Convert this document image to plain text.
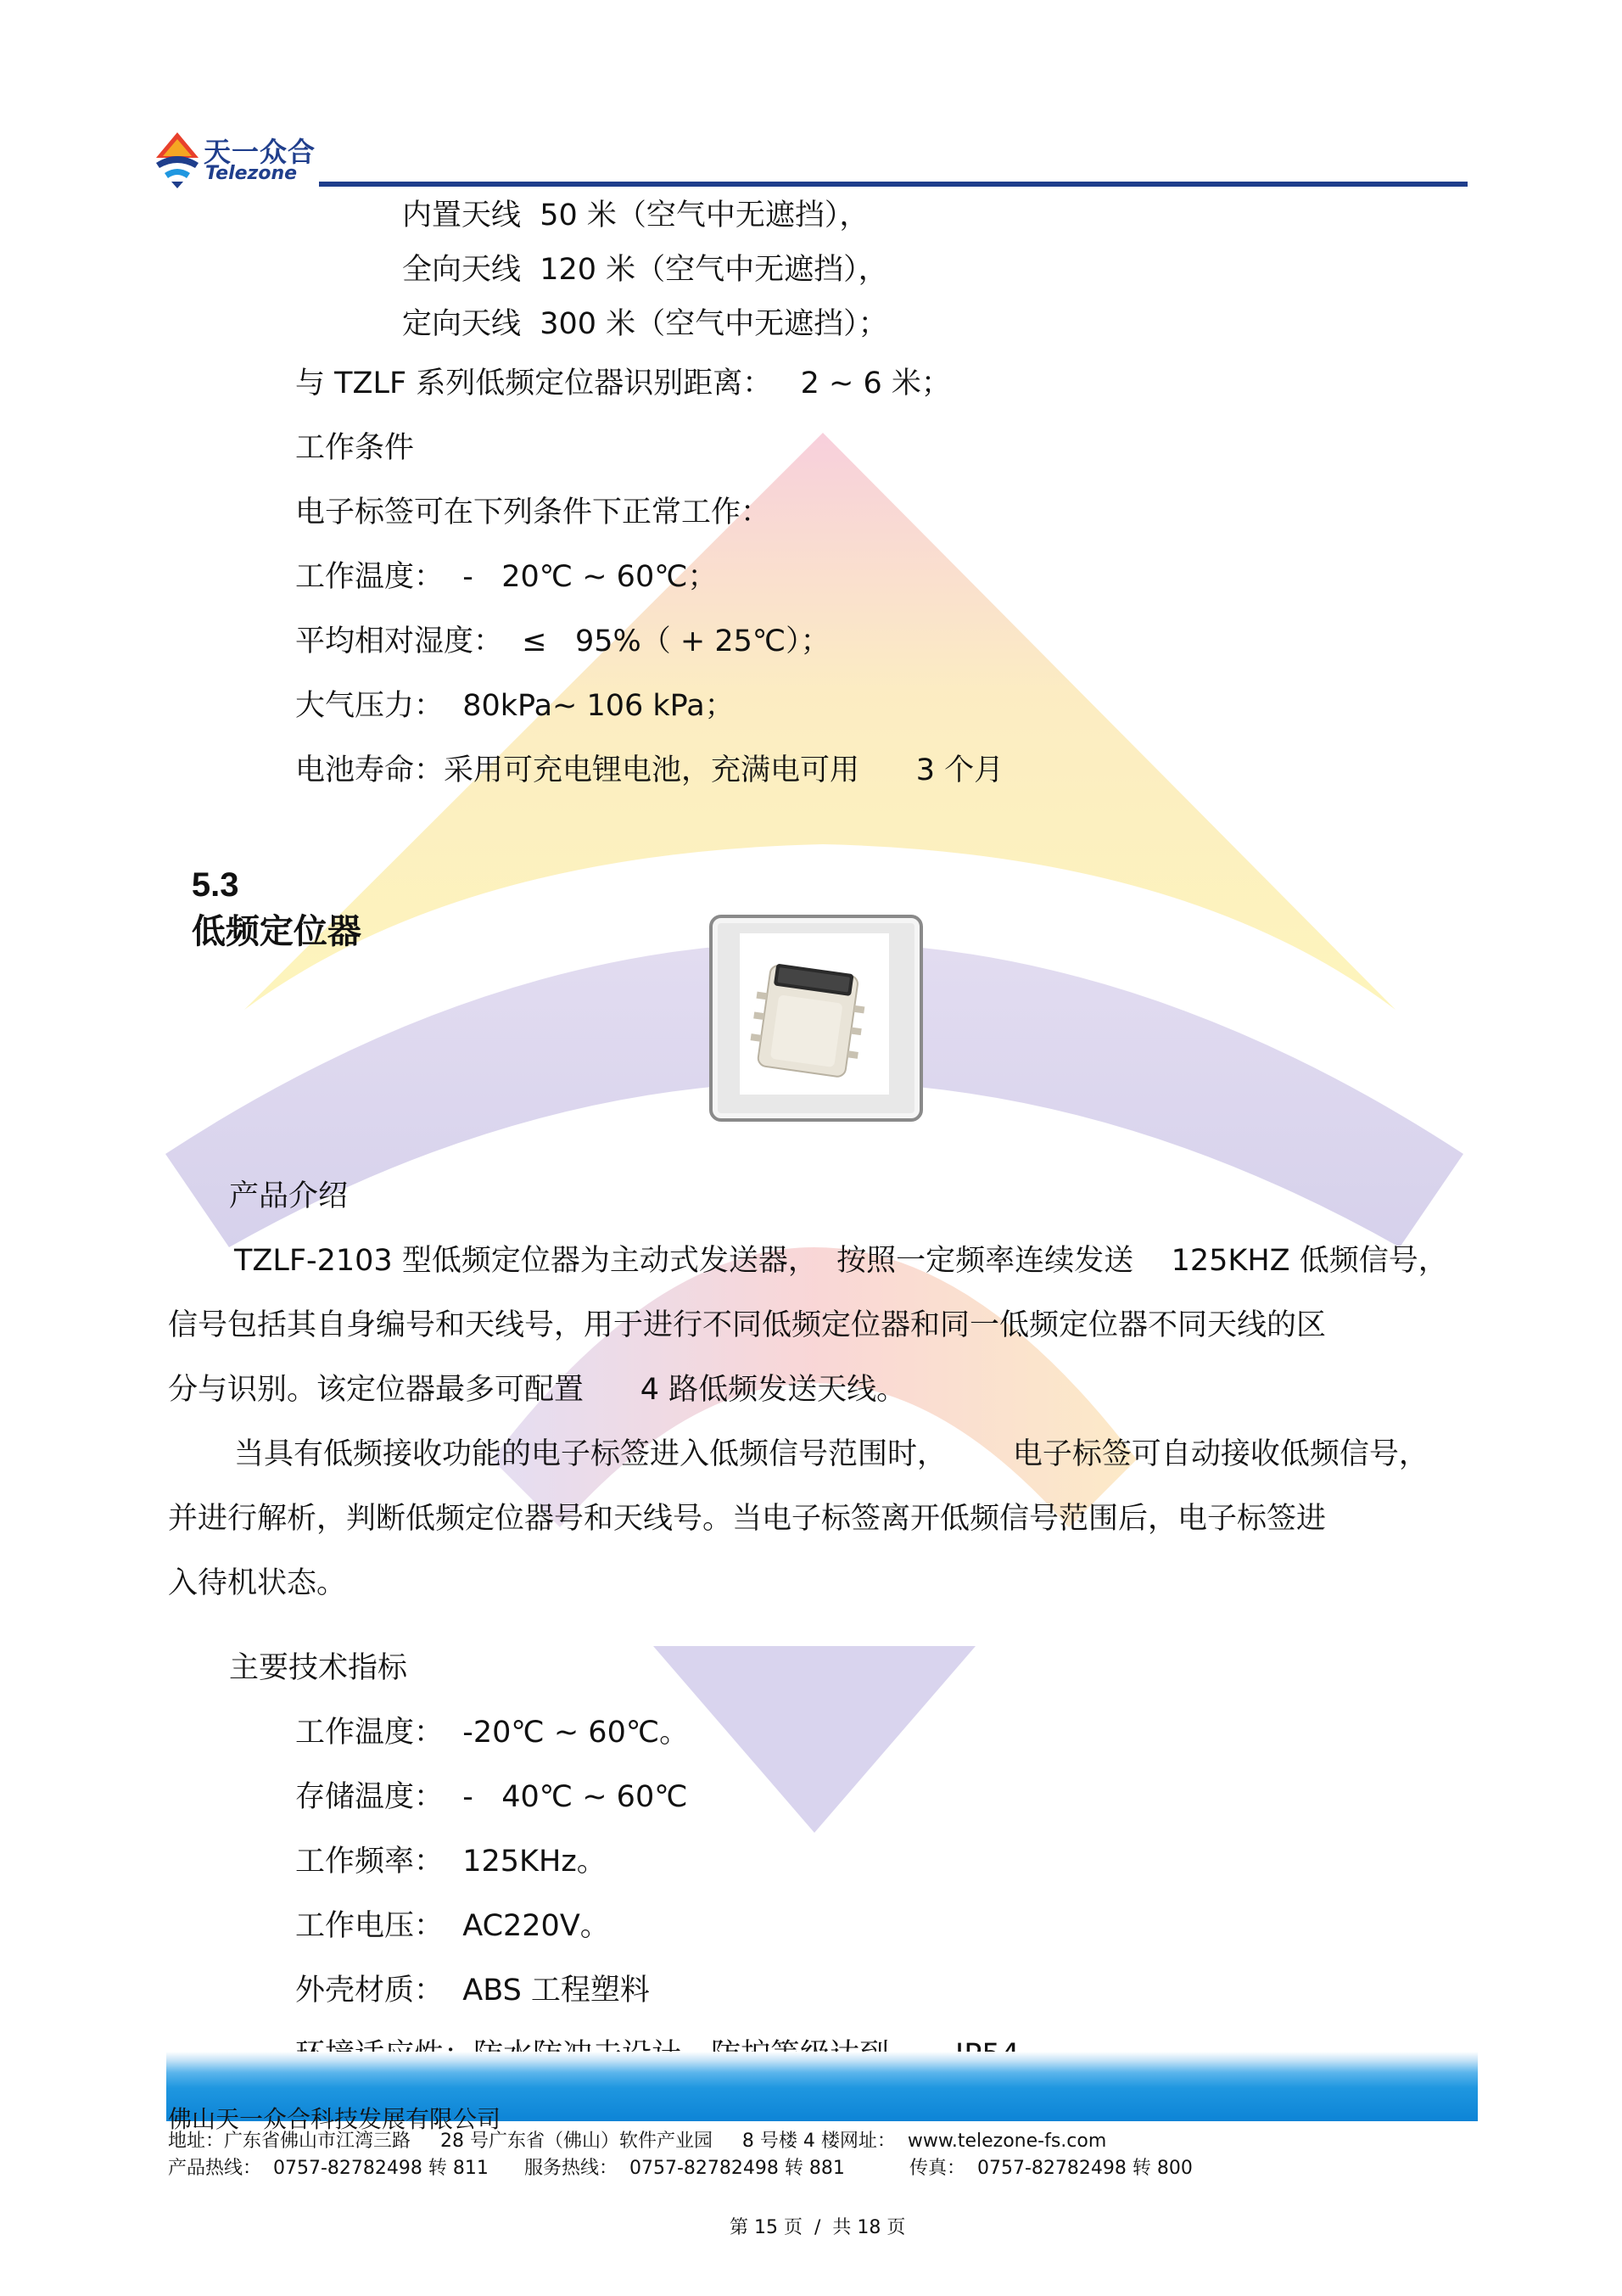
天一众合
Telezone
内置天线  50 米（空气中无遮挡），
全向天线  120 米（空气中无遮挡），
定向天线  300 米（空气中无遮挡）；
与 TZLF 系列低频定位器识别距离：   2 ~ 6 米；
工作条件
电子标签可在下列条件下正常工作：
工作温度：  -   20℃ ~ 60℃；
平均相对湿度：  ≤   95%（ + 25℃）；
大气压力：  80kPa~ 106 kPa；
电池寿命：采用可充电锂电池，充满电可用      3 个月

5.3
低频定位器

产品介绍
TZLF-2103 型低频定位器为主动式发送器，  按照一定频率连续发送    125KHZ 低频信号，
信号包括其自身编号和天线号，用于进行不同低频定位器和同一低频定位器不同天线的区
分与识别。该定位器最多可配置      4 路低频发送天线。
当具有低频接收功能的电子标签进入低频信号范围时，       电子标签可自动接收低频信号，
并进行解析，判断低频定位器号和天线号。当电子标签离开低频信号范围后，电子标签进
入待机状态。
主要技术指标
工作温度：  -20℃ ~ 60℃。
存储温度：  -   40℃ ~ 60℃
工作频率：  125KHz。
工作电压：  AC220V。
外壳材质：  ABS 工程塑料
佛山天一众合科技发展有限公司
地址：广东省佛山市江湾三路     28 号广东省（佛山）软件产业园     8 号楼 4 楼网址：  www.telezone-fs.com
产品热线：  0757-82782498 转 811 服务热线：  0757-82782498 转 881	传真：  0757-82782498 转 800
第 15 页  /  共 18 页
